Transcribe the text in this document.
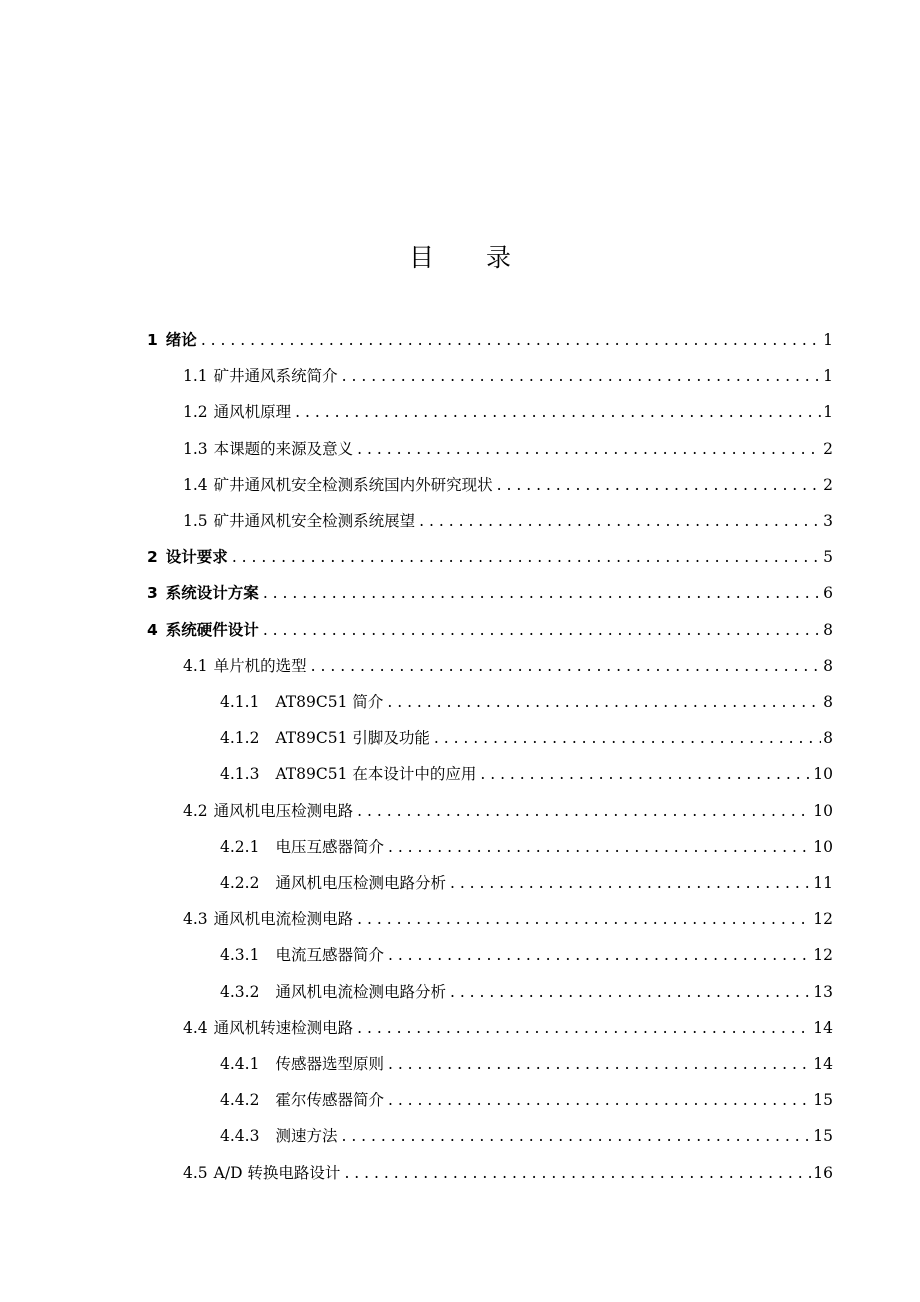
目录
1 绪论 . . .	1
1.1 矿井通风系统简介 . . .	1
1.2 通风机原理 . . .	1
1.3 本课题的来源及意义 . . .	2
1.4 矿井通风机安全检测系统国内外研究现状 . . .	2
1.5 矿井通风机安全检测系统展望 . . .	3
2 设计要求 . . .	5
3 系统设计方案 . . .	6
4 系统硬件设计 . . .	8
4.1 单片机的选型 . . .	8
4.1.1 AT89C51 简介 . . .	8
4.1.2 AT89C51 引脚及功能 . . .	8
4.1.3 AT89C51 在本设计中的应用 . . .	10
4.2 通风机电压检测电路 . . .	10
4.2.1 电压互感器简介 . . .	10
4.2.2 通风机电压检测电路分析 . . .	11
4.3 通风机电流检测电路 . . .	12
4.3.1 电流互感器简介 . . .	12
4.3.2 通风机电流检测电路分析 . . .	13
4.4 通风机转速检测电路 . . .	14
4.4.1 传感器选型原则 . . .	14
4.4.2 霍尔传感器简介 . . .	15
4.4.3 测速方法 . . .	15
4.5 A/D 转换电路设计 . . .	16
